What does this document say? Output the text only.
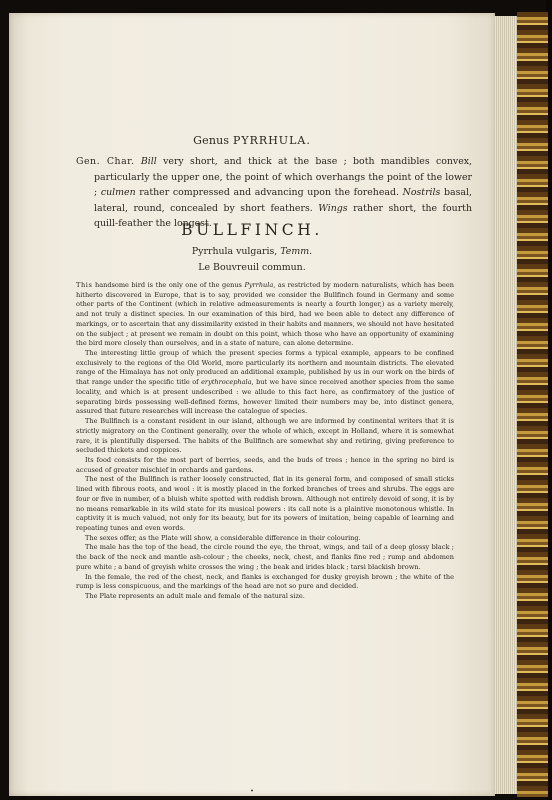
Genus PYRRHULA.
Gen. Char. Bill very short, and thick at the base ; both mandibles convex, particularly the upper one, the point of which overhangs the point of the lower ; culmen rather compressed and advancing upon the forehead. Nostrils basal, lateral, round, concealed by short feathers. Wings rather short, the fourth quill-feather the longest.
BULLFINCH.
Pyrrhula vulgaris, Temm.
Le Bouvreuil commun.

This handsome bird is the only one of the genus Pyrrhula, as restricted by modern naturalists, which has been hitherto discovered in Europe, that is to say, provided we consider the Bullfinch found in Germany and some other parts of the Continent (which in relative admeasurements is nearly a fourth longer,) as a variety merely, and not truly a distinct species. In our examination of this bird, had we been able to detect any difference of markings, or to ascertain that any dissimilarity existed in their habits and manners, we should not have hesitated on the subject ; at present we remain in doubt on this point, which those who have an opportunity of examining the bird more closely than ourselves, and in a state of nature, can alone determine.

The interesting little group of which the present species forms a typical example, appears to be confined exclusively to the regions of the Old World, more particularly its northern and mountain districts. The elevated range of the Himalaya has not only produced an additional example, published by us in our work on the birds of that range under the specific title of erythrocephala, but we have since received another species from the same locality, and which is at present undescribed : we allude to this fact here, as confirmatory of the justice of separating birds possessing well-defined forms, however limited their numbers may be, into distinct genera, assured that future researches will increase the catalogue of species.

The Bullfinch is a constant resident in our island, although we are informed by continental writers that it is strictly migratory on the Continent generally, over the whole of which, except in Holland, where it is somewhat rare, it is plentifully dispersed. The habits of the Bullfinch are somewhat shy and retiring, giving preference to secluded thickets and coppices.

Its food consists for the most part of berries, seeds, and the buds of trees ; hence in the spring no bird is accused of greater mischief in orchards and gardens.

The nest of the Bullfinch is rather loosely constructed, flat in its general form, and composed of small sticks lined with fibrous roots, and wool : it is mostly placed in the forked branches of trees and shrubs. The eggs are four or five in number, of a bluish white spotted with reddish brown. Although not entirely devoid of song, it is by no means remarkable in its wild state for its musical powers : its call note is a plaintive monotonous whistle. In captivity it is much valued, not only for its beauty, but for its powers of imitation, being capable of learning and repeating tunes and even words.

The sexes offer, as the Plate will show, a considerable difference in their colouring.

The male has the top of the head, the circle round the eye, the throat, wings, and tail of a deep glossy black ; the back of the neck and mantle ash-colour ; the cheeks, neck, chest, and flanks fine red ; rump and abdomen pure white ; a band of greyish white crosses the wing ; the beak and irides black ; tarsi blackish brown.

In the female, the red of the chest, neck, and flanks is exchanged for dusky greyish brown ; the white of the rump is less conspicuous, and the markings of the head are not so pure and decided.

The Plate represents an adult male and female of the natural size.

•
